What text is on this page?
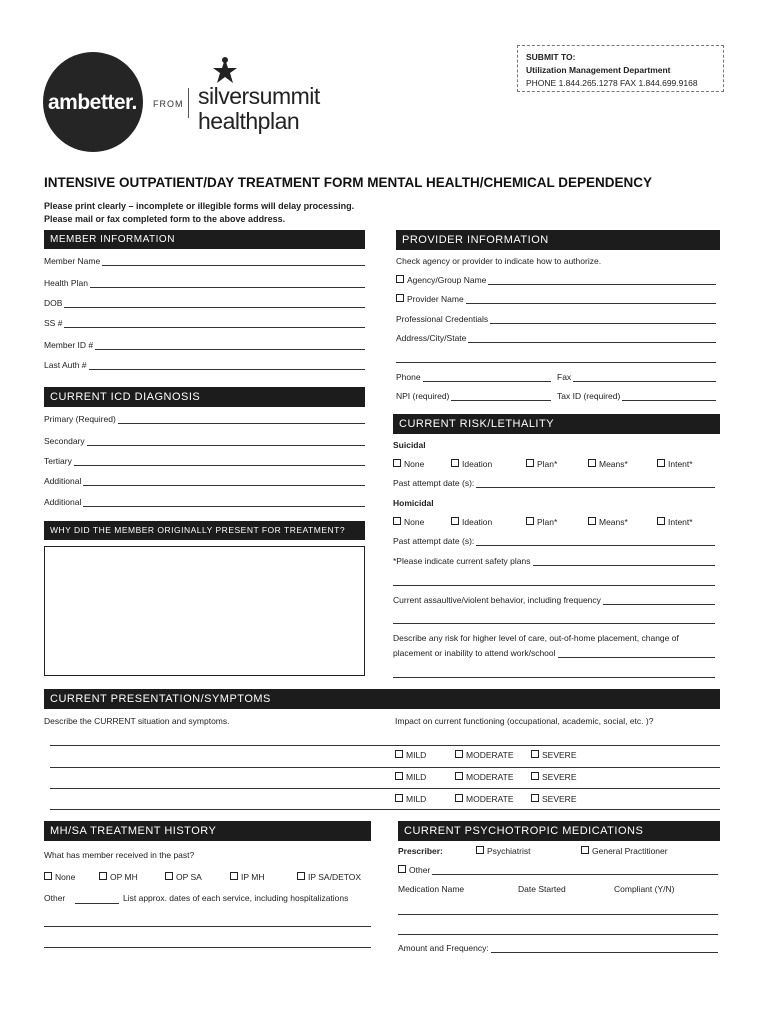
ambetter. FROM silversummit
healthplan
SUBMIT TO:
Utilization Management Department
PHONE 1.844.265.1278 FAX 1.844.699.9168
INTENSIVE OUTPATIENT/DAY TREATMENT FORM MENTAL HEALTH/CHEMICAL DEPENDENCY
Please print clearly – incomplete or illegible forms will delay processing.
Please mail or fax completed form to the above address.
MEMBER INFORMATION
Member Name
Health Plan
DOB
SS #
Member ID #
Last Auth #
PROVIDER INFORMATION
Check agency or provider to indicate how to authorize.
Agency/Group Name
Provider Name
Professional Credentials
Address/City/State
Phone	Fax
NPI (required)	Tax ID (required)
CURRENT ICD DIAGNOSIS
Primary (Required)
Secondary
Tertiary
Additional
Additional
WHY DID THE MEMBER ORIGINALLY PRESENT FOR TREATMENT?
CURRENT RISK/LETHALITY
Suicidal
None	Ideation	Plan*	Means*	Intent*
Past attempt date (s):
Homicidal
None	Ideation	Plan*	Means*	Intent*
Past attempt date (s):
*Please indicate current safety plans
Current assaultive/violent behavior, including frequency
Describe any risk for higher level of care, out-of-home placement, change of
placement or inability to attend work/school
CURRENT PRESENTATION/SYMPTOMS
Describe the CURRENT situation and symptoms.	Impact on current functioning (occupational, academic, social, etc. )?
MILD	MODERATE	SEVERE
MILD	MODERATE	SEVERE
MILD	MODERATE	SEVERE
MH/SA TREATMENT HISTORY
What has member received in the past?
None	OP MH	OP SA	IP MH	IP SA/DETOX
Other	List approx. dates of each service, including hospitalizations
CURRENT PSYCHOTROPIC MEDICATIONS
Prescriber:	Psychiatrist	General Practitioner
Other
Medication Name	Date Started	Compliant (Y/N)
Amount and Frequency:
